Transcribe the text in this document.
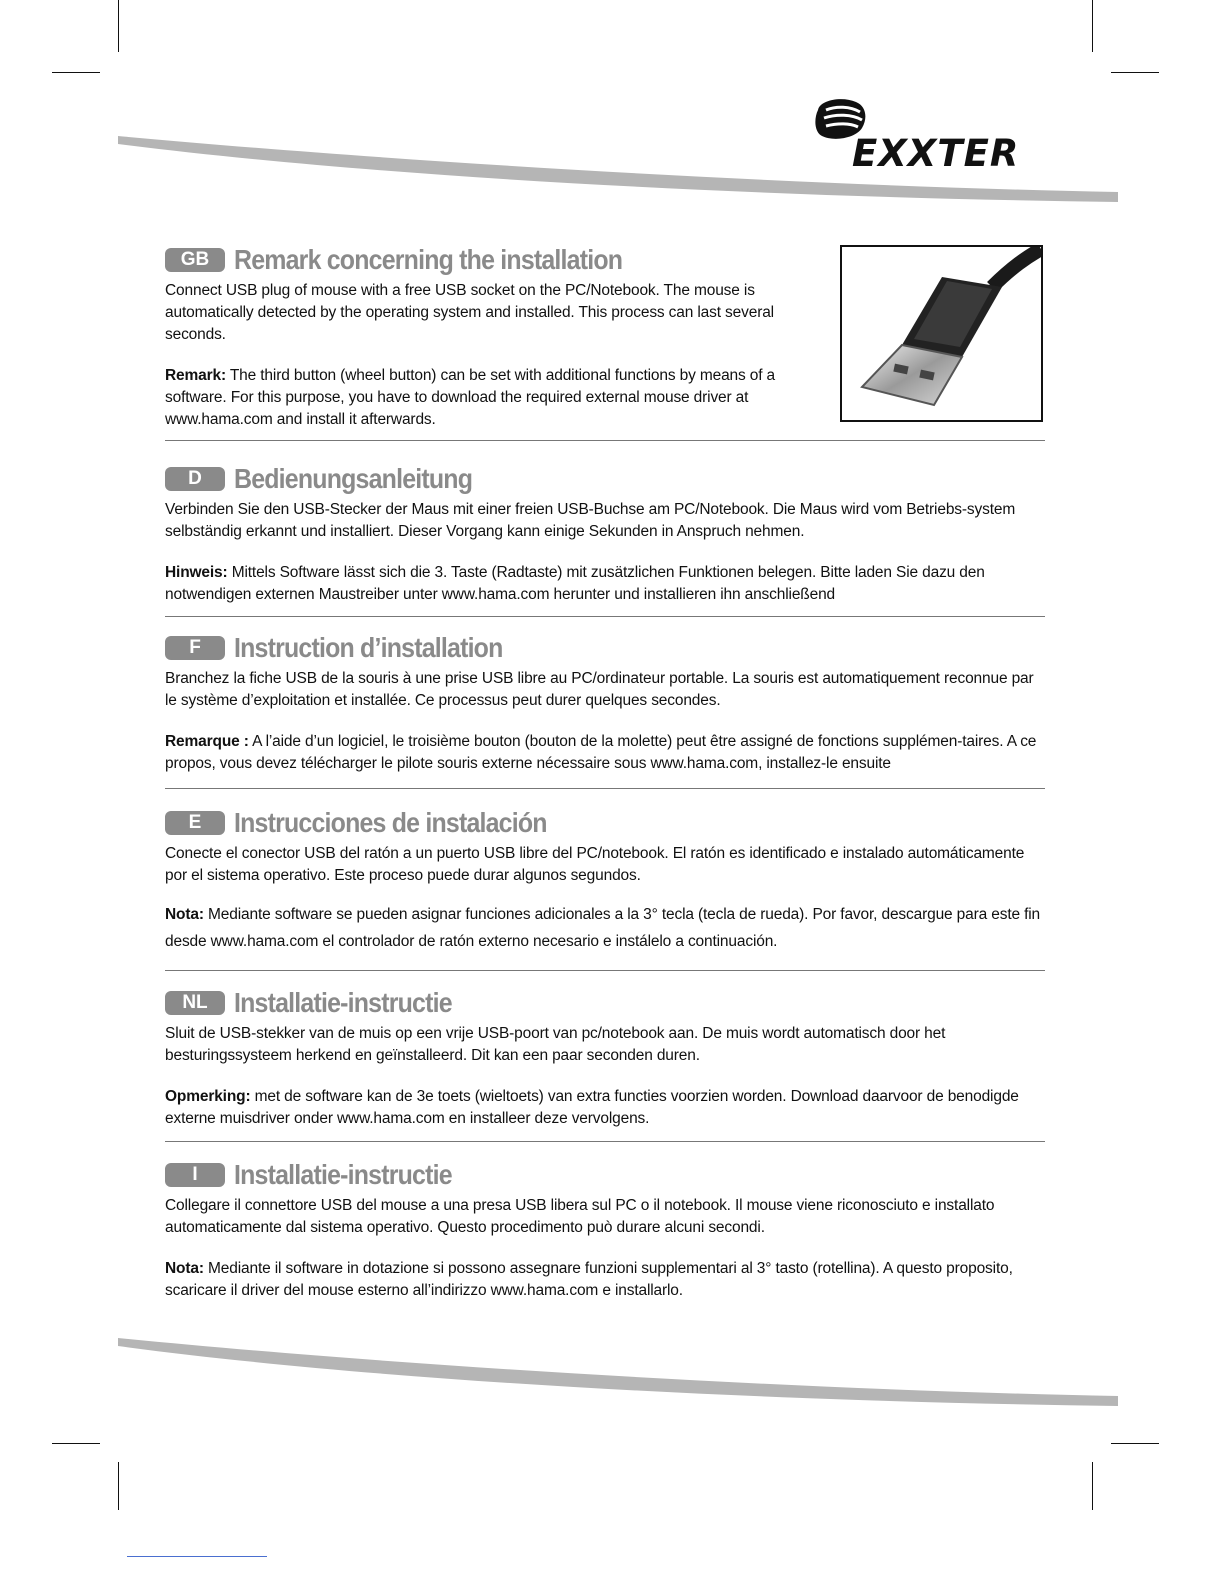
EXXTER
GB Remark concerning the installation

Connect USB plug of mouse with a free USB socket on the PC/Notebook. The mouse is automatically detected by the operating system and installed. This process can last several seconds.

Remark: The third button (wheel button) can be set with additional functions by means of a software. For this purpose, you have to download the required external mouse driver at www.hama.com and install it afterwards.

D	Bedienungsanleitung

Verbinden Sie den USB-Stecker der Maus mit einer freien USB-Buchse am PC/Notebook. Die Maus wird vom Betriebs-system selbständig erkannt und installiert. Dieser Vorgang kann einige Sekunden in Anspruch nehmen.

Hinweis: Mittels Software lässt sich die 3. Taste (Radtaste) mit zusätzlichen Funktionen belegen. Bitte laden Sie dazu den notwendigen externen Maustreiber unter www.hama.com herunter und installieren ihn anschließend

F	Instruction d’installation

Branchez la fiche USB de la souris à une prise USB libre au PC/ordinateur portable. La souris est automatiquement reconnue par le système d’exploitation et installée. Ce processus peut durer quelques secondes.

Remarque : A l’aide d’un logiciel, le troisième bouton (bouton de la molette) peut être assigné de fonctions supplémen-taires. A ce propos, vous devez télécharger le pilote souris externe nécessaire sous www.hama.com, installez-le ensuite

E	Instrucciones de instalación

Conecte el conector USB del ratón a un puerto USB libre del PC/notebook. El ratón es identificado e instalado automáticamente por el sistema operativo. Este proceso puede durar algunos segundos.

Nota: Mediante software se pueden asignar funciones adicionales a la 3° tecla (tecla de rueda). Por favor, descargue para este fin desde www.hama.com el controlador de ratón externo necesario e instálelo a continuación.

NL Installatie-instructie

Sluit de USB-stekker van de muis op een vrije USB-poort van pc/notebook aan. De muis wordt automatisch door het besturingssysteem herkend en geïnstalleerd. Dit kan een paar seconden duren.

Opmerking: met de software kan de 3e toets (wieltoets) van extra functies voorzien worden. Download daarvoor de benodigde externe muisdriver onder www.hama.com en installeer deze vervolgens.

I	Installatie-instructie

Collegare il connettore USB del mouse a una presa USB libera sul PC o il notebook. Il mouse viene riconosciuto e installato automaticamente dal sistema operativo. Questo procedimento può durare alcuni secondi.

Nota: Mediante il software in dotazione si possono assegnare funzioni supplementari al 3° tasto (rotellina). A questo proposito, scaricare il driver del mouse esterno all’indirizzo www.hama.com e installarlo.
